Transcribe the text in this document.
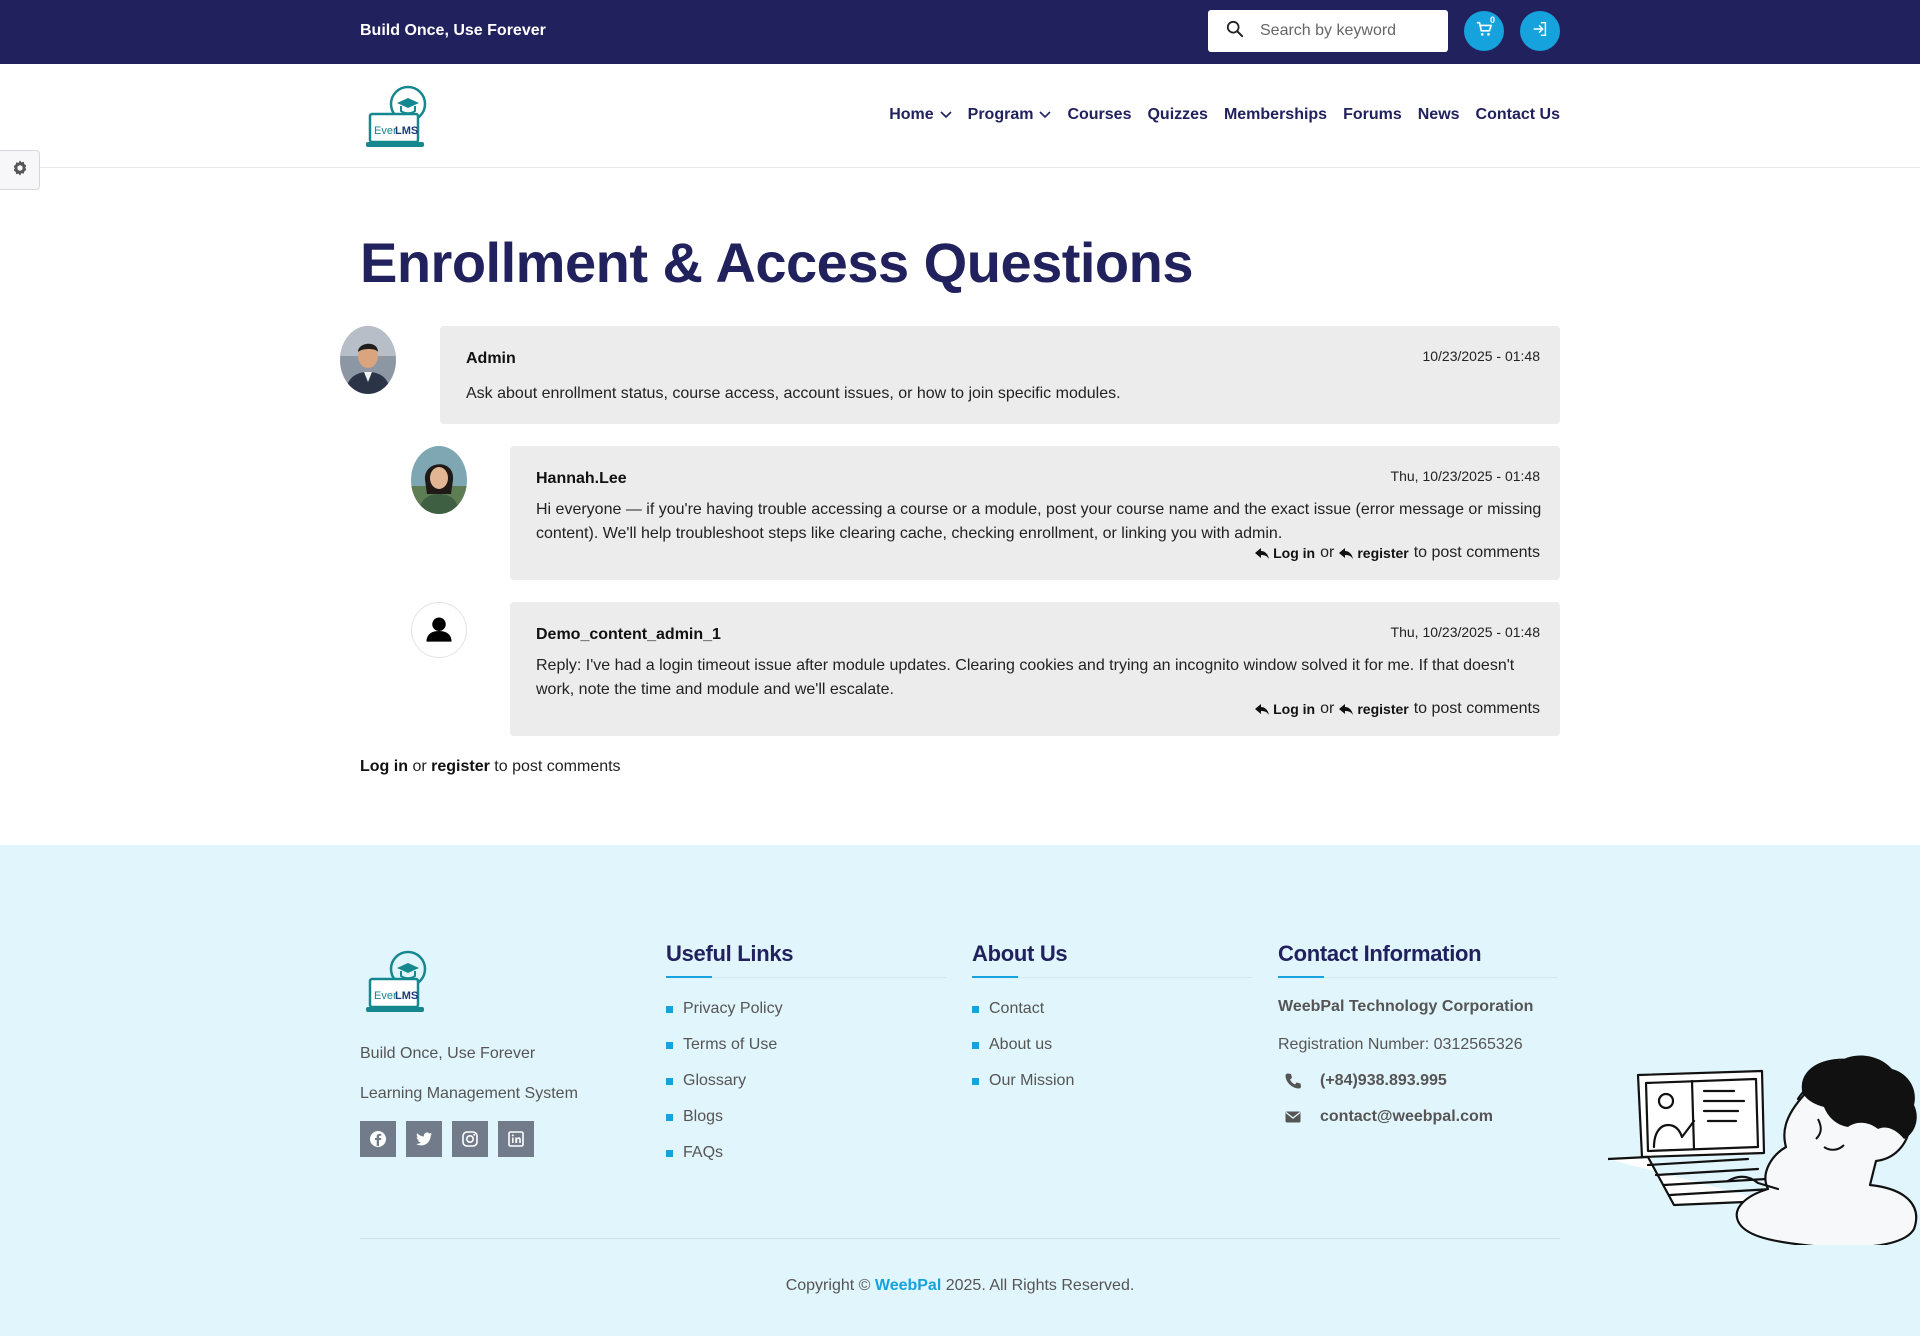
Build Once, Use Forever
Search by keyword
0
Ever
LMS
Home Program Courses Quizzes Memberships Forums News Contact Us
Enrollment & Access Questions
Admin	10/23/2025 - 01:48
Ask about enrollment status, course access, account issues, or how to join specific modules.
Hannah.Lee	Thu, 10/23/2025 - 01:48
Hi everyone — if you're having trouble accessing a course or a module, post your course name and the exact issue (error message or missing content). We'll help troubleshoot steps like clearing cache, checking enrollment, or linking you with admin.
Log in or register to post comments
Demo_content_admin_1	Thu, 10/23/2025 - 01:48
Reply: I've had a login timeout issue after module updates. Clearing cookies and trying an incognito window solved it for me. If that doesn't work, note the time and module and we'll escalate.
Log in or register to post comments
Log in or register to post comments
Ever
LMS
Build Once, Use Forever
Learning Management System
Useful Links
Privacy Policy
Terms of Use
Glossary
Blogs
FAQs
About Us
Contact
About us
Our Mission
Contact Information
WeebPal Technology Corporation
Registration Number: 0312565326
(+84)938.893.995
contact@weebpal.com
Copyright © WeebPal 2025. All Rights Reserved.
